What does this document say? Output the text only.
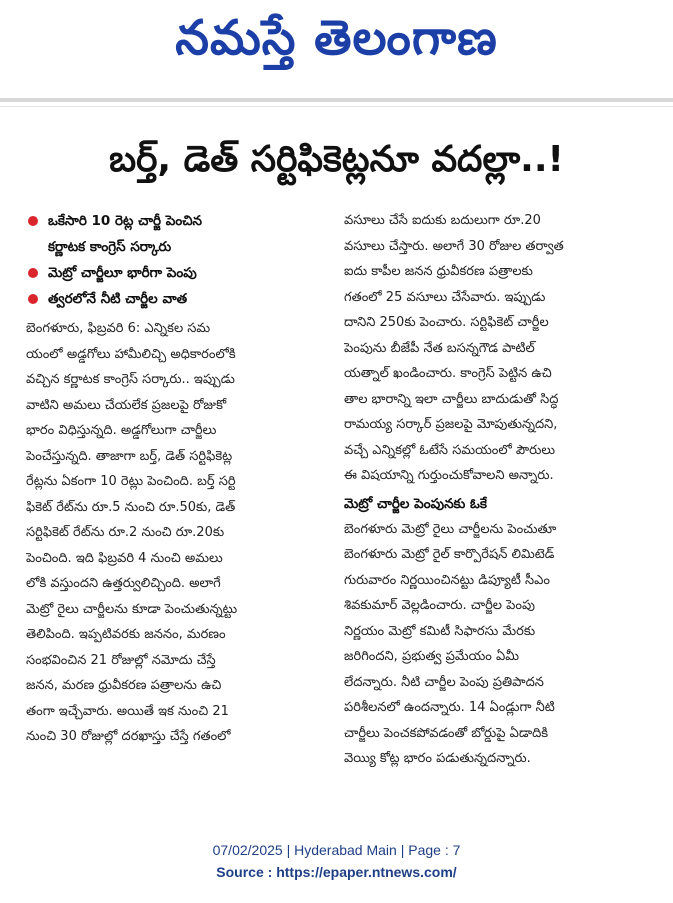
నమస్తే తెలంగాణ
బర్త్, డెత్ సర్టిఫికెట్లనూ వదల్లా..!
ఒకేసారి 10 రెట్ల చార్జీ పెంచిన
కర్ణాటక కాంగ్రెస్ సర్కారు
మెట్రో చార్జీలూ భారీగా పెంపు
త్వరలోనే నీటి చార్జీల వాత
బెంగళూరు, ఫిబ్రవరి 6: ఎన్నికల సమ
యంలో అడ్డగోలు హామీలిచ్చి అధికారంలోకి
వచ్చిన కర్ణాటక కాంగ్రెస్ సర్కారు.. ఇప్పుడు
వాటిని అమలు చేయలేక ప్రజలపై రోజుకో
భారం విధిస్తున్నది. అడ్డగోలుగా చార్జీలు
పెంచేస్తున్నది. తాజాగా బర్త్, డెత్ సర్టిఫికెట్ల
రేట్లను ఏకంగా 10 రెట్లు పెంచింది. బర్త్ సర్టి
ఫికెట్ రేట్‌ను రూ.5 నుంచి రూ.50కు, డెత్
సర్టిఫికెట్ రేట్‌ను రూ.2 నుంచి రూ.20కు
పెంచింది. ఇది ఫిబ్రవరి 4 నుంచి అమలు
లోకి వస్తుందని ఉత్తర్వులిచ్చింది. అలాగే
మెట్రో రైలు చార్జీలను కూడా పెంచుతున్నట్టు
తెలిపింది. ఇప్పటివరకు జననం, మరణం
సంభవించిన 21 రోజుల్లో నమోదు చేస్తే
జనన, మరణ ధ్రువీకరణ పత్రాలను ఉచి
తంగా ఇచ్చేవారు. అయితే ఇక నుంచి 21
నుంచి 30 రోజుల్లో దరఖాస్తు చేస్తే గతంలో
వసూలు చేసే ఐదుకు బదులుగా రూ.20
వసూలు చేస్తారు. అలాగే 30 రోజుల తర్వాత
ఐదు కాపీల జనన ధ్రువీకరణ పత్రాలకు
గతంలో 25 వసూలు చేసేవారు. ఇప్పుడు
దానిని 250కు పెంచారు. సర్టిఫికెట్ చార్జీల
పెంపును బీజేపీ నేత బసన్నగౌడ పాటిల్
యత్నాల్ ఖండించారు. కాంగ్రెస్ పెట్టిన ఉచి
తాల భారాన్ని ఇలా చార్జీలు బాదుడుతో సిద్ధ
రామయ్య సర్కార్ ప్రజలపై మోపుతున్నదని,
వచ్చే ఎన్నికల్లో ఓటేసే సమయంలో పౌరులు
ఈ విషయాన్ని గుర్తుంచుకోవాలని అన్నారు.
మెట్రో చార్జీల పెంపునకు ఓకే
బెంగళూరు మెట్రో రైలు చార్జీలను పెంచుతూ
బెంగళూరు మెట్రో రైల్ కార్పొరేషన్ లిమిటెడ్
గురువారం నిర్ణయించినట్టు డిప్యూటీ సీఎం
శివకుమార్ వెల్లడించారు. చార్జీల పెంపు
నిర్ణయం మెట్రో కమిటీ సిఫారసు మేరకు
జరిగిందని, ప్రభుత్వ ప్రమేయం ఏమీ
లేదన్నారు. నీటి చార్జీల పెంపు ప్రతిపాదన
పరిశీలనలో ఉందన్నారు. 14 ఏండ్లుగా నీటి
చార్జీలు పెంచకపోవడంతో బోర్డుపై ఏడాదికి
వెయ్యి కోట్ల భారం పడుతున్నదన్నారు.
07/02/2025 | Hyderabad Main | Page : 7
Source : https://epaper.ntnews.com/
